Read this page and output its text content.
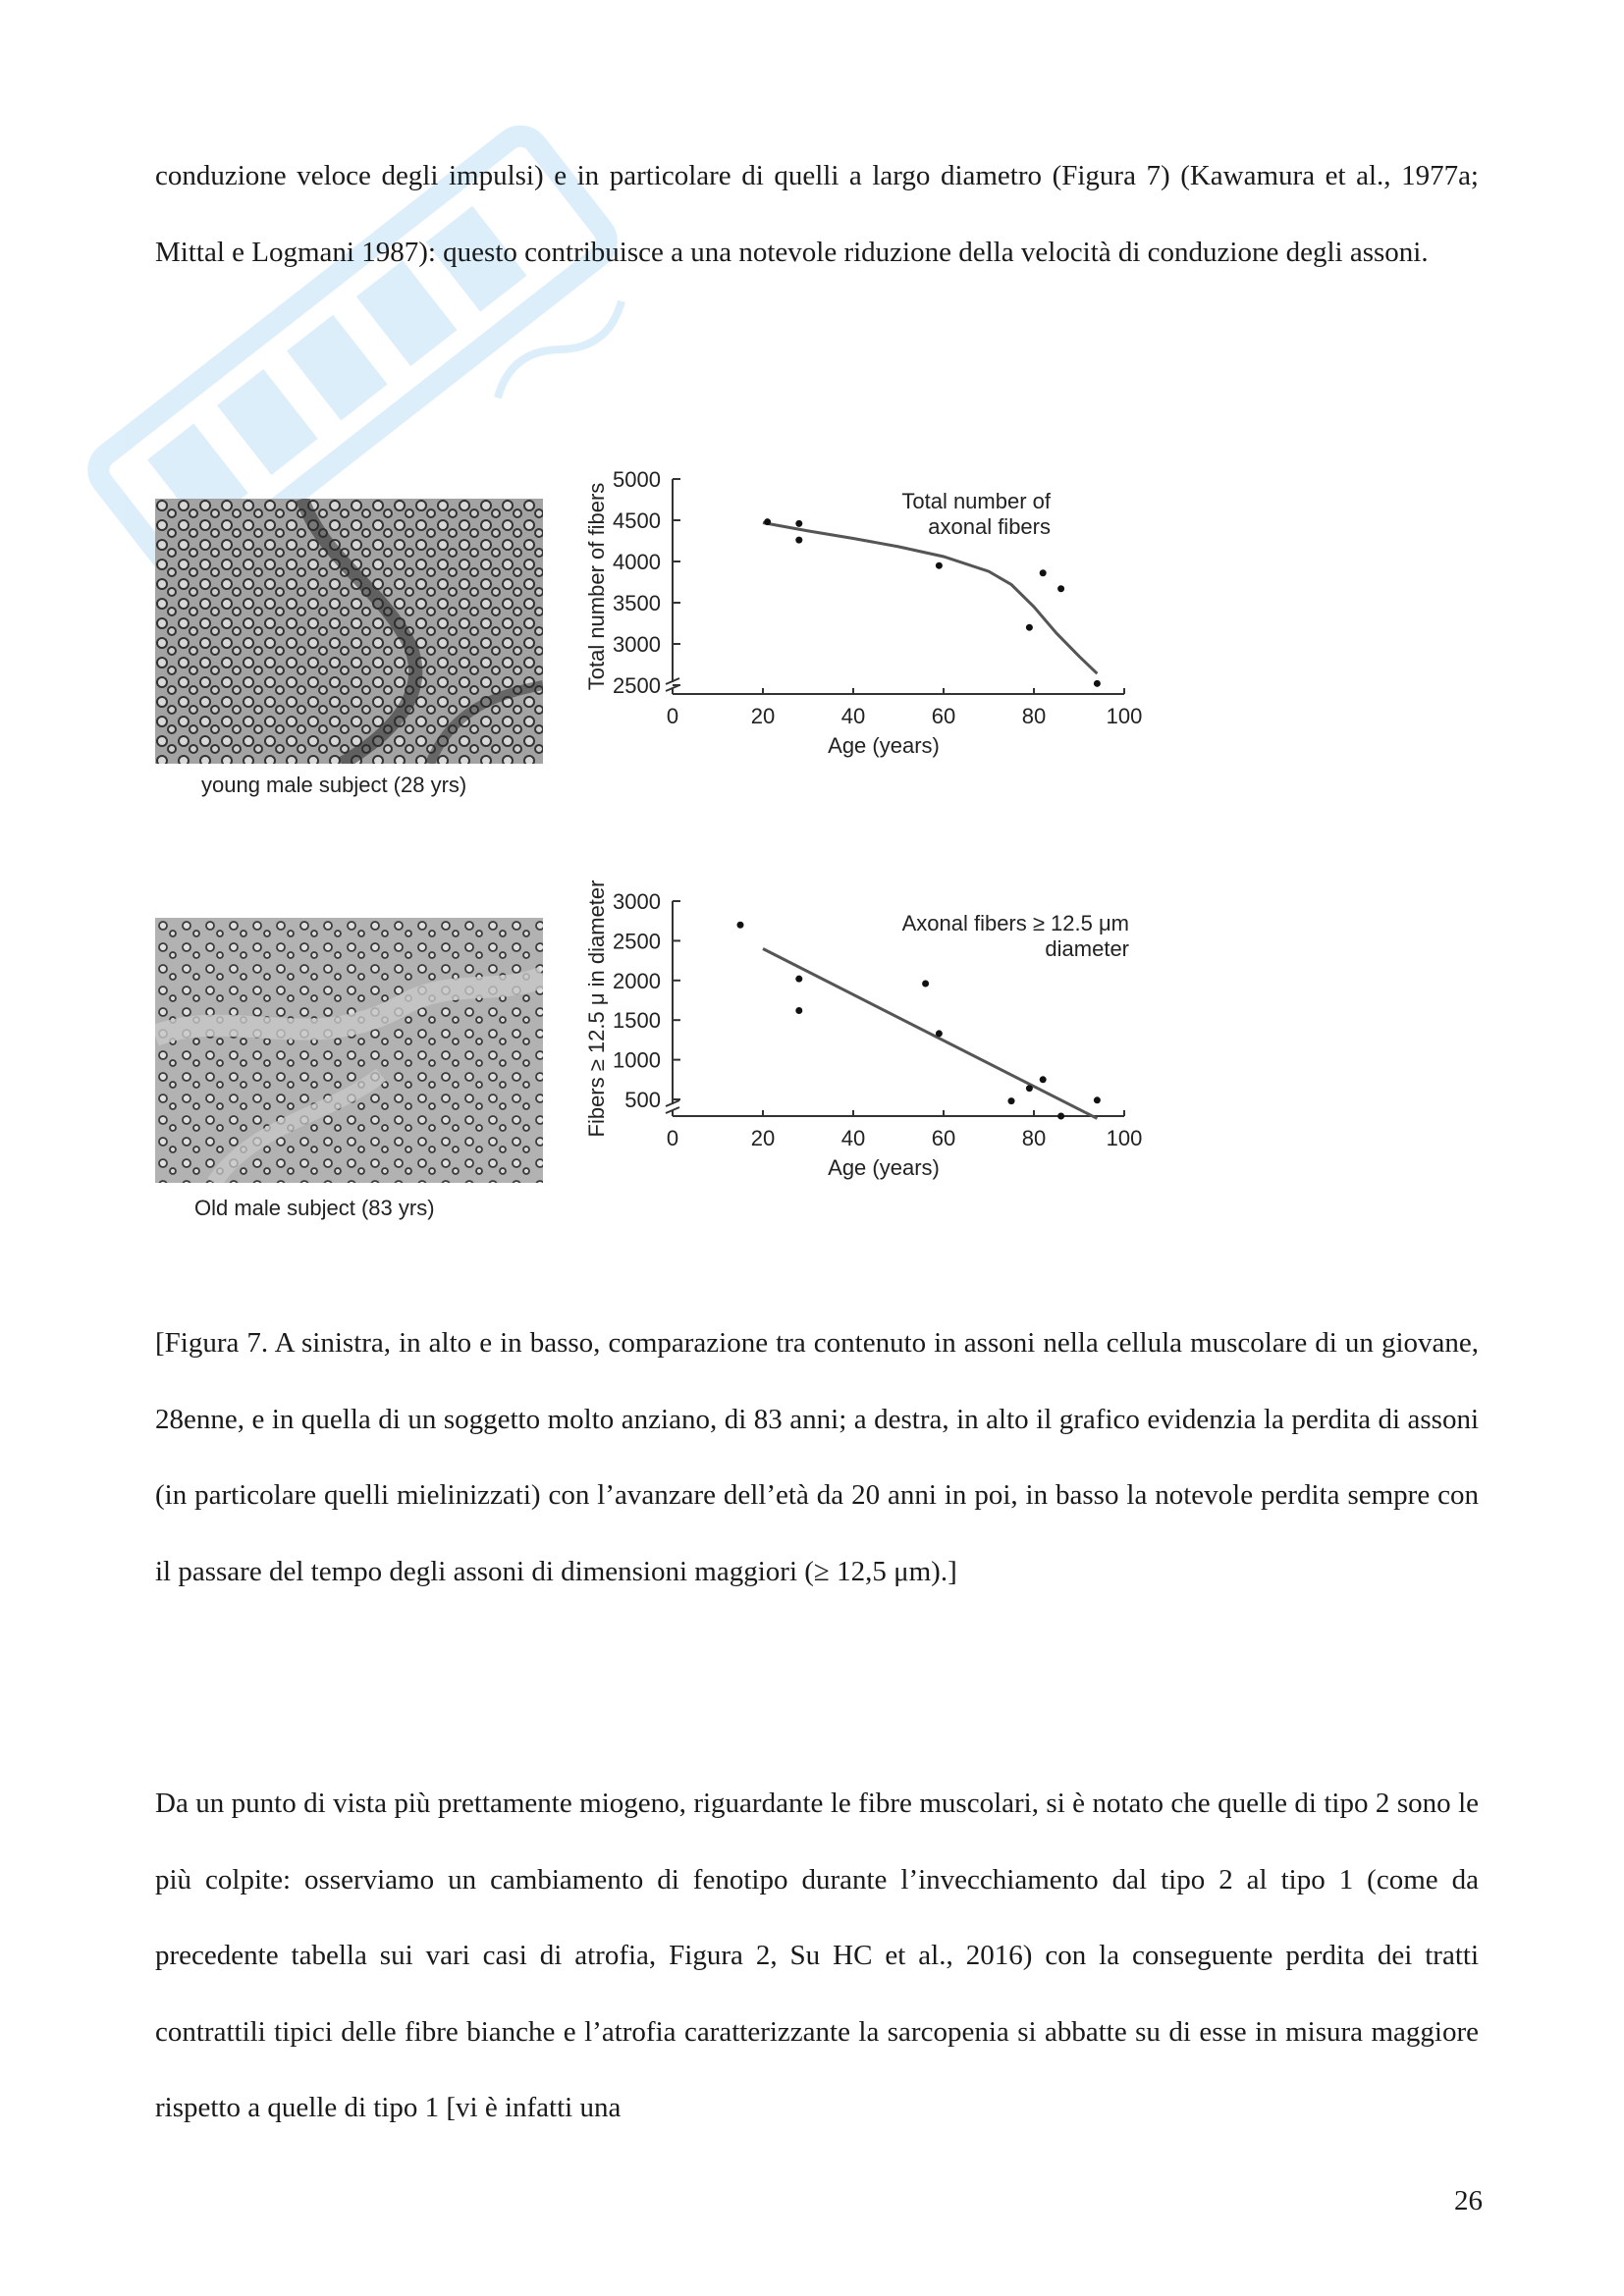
conduzione veloce degli impulsi) e in particolare di quelli a largo diametro (Figura 7) (Kawamura et al., 1977a; Mittal e Logmani 1987): questo contribuisce a una notevole riduzione della velocità di conduzione degli assoni.

young male subject (28 yrs)
Old male subject (83 yrs)
2500
3000
3500
4000
4500
5000
0	20	40	60	80	100
Age (years)
Total number of fibers	Total number of axonal fibers
500
1000
1500
2000
2500
3000
0	20	40	60	80	100
Age (years)
Fibers ≥ 12.5 μ in diameter	Axonal fibers ≥ 12.5 μm diameter

[Figura 7. A sinistra, in alto e in basso, comparazione tra contenuto in assoni nella cellula muscolare di un giovane, 28enne, e in quella di un soggetto molto anziano, di 83 anni; a destra, in alto il grafico evidenzia la perdita di assoni (in particolare quelli mielinizzati) con l’avanzare dell’età da 20 anni in poi, in basso la notevole perdita sempre con il passare del tempo degli assoni di dimensioni maggiori (≥ 12,5 μm).]

Da un punto di vista più prettamente miogeno, riguardante le fibre muscolari, si è notato che quelle di tipo 2 sono le più colpite: osserviamo un cambiamento di fenotipo durante l’invecchiamento dal tipo 2 al tipo 1 (come da precedente tabella sui vari casi di atrofia, Figura 2, Su HC et al., 2016) con la conseguente perdita dei tratti contrattili tipici delle fibre bianche e l’atrofia caratterizzante la sarcopenia si abbatte su di esse in misura maggiore rispetto a quelle di tipo 1 [vi è infatti una

26
